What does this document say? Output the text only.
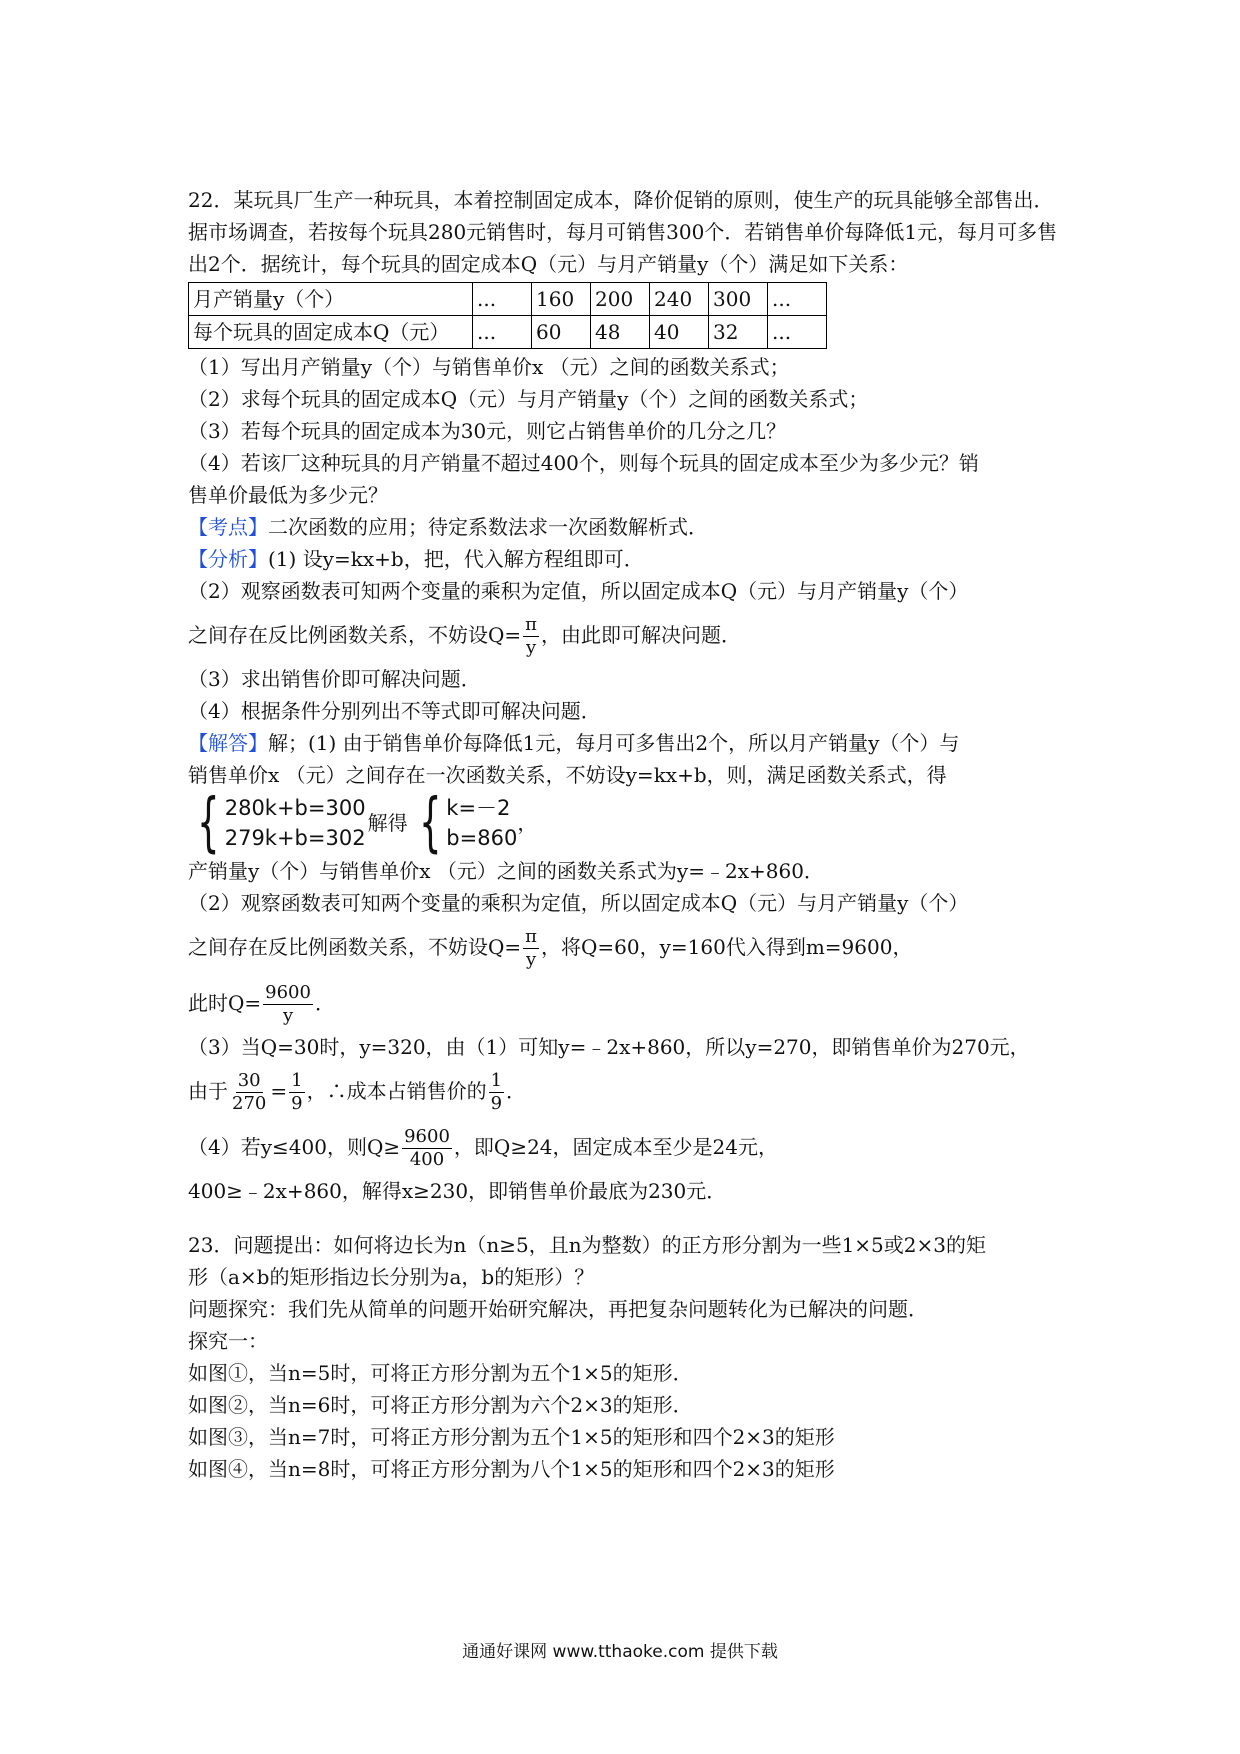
22．某玩具厂生产一种玩具，本着控制固定成本，降价促销的原则，使生产的玩具能够全部售出．据市场调查，若按每个玩具280元销售时，每月可销售300个．若销售单价每降低1元，每月可多售出2个．据统计，每个玩具的固定成本Q（元）与月产销量y（个）满足如下关系：

月产销量y（个）	...	160	200	240	300	...
每个玩具的固定成本Q（元）	...	60	48	40	32	...

（1）写出月产销量y（个）与销售单价x （元）之间的函数关系式；

（2）求每个玩具的固定成本Q（元）与月产销量y（个）之间的函数关系式；

（3）若每个玩具的固定成本为30元，则它占销售单价的几分之几？

（4）若该厂这种玩具的月产销量不超过400个，则每个玩具的固定成本至少为多少元？销售单价最低为多少元？

【考点】二次函数的应用；待定系数法求一次函数解析式．

【分析】(1) 设y=kx+b，把，代入解方程组即可．

（2）观察函数表可知两个变量的乘积为定值，所以固定成本Q（元）与月产销量y（个）

之间存在反比例函数关系，不妨设$Q= \frac{\pi}{y}$ ，由此即可解决问题．

（3）求出销售价即可解决问题．

（4）根据条件分别列出不等式即可解决问题．

【解答】解；(1) 由于销售单价每降低1元，每月可多售出2个，所以月产销量y（个）与

销售单价x （元）之间存在一次函数关系，不妨设y=kx+b，则，满足函数关系式，得

{ 280k+b=300
279k+b=302
解得 { k=－2
b=860
，

产销量y（个）与销售单价x （元）之间的函数关系式为y=﹣2x+860．

（2）观察函数表可知两个变量的乘积为定值，所以固定成本Q（元）与月产销量y（个）

之间存在反比例函数关系，不妨设$Q= \frac{\pi}{y}$ ，将Q=60，y=160代入得到m=9600，

此时$Q= \frac{9600}{y}$ ．

（3）当Q=30时，y=320，由（1）可知y=﹣2x+860，所以y=270，即销售单价为270元，

由于 $\frac{30}{270} = \frac{1}{9}$ ，∴成本占销售价的 $\frac{1}{9}$ ．

（4）若y≤400，则$Q\ge \frac{9600}{400}$ ，即Q≥24，固定成本至少是24元，

400≥﹣2x+860，解得x≥230，即销售单价最底为230元．

23．问题提出：如何将边长为n（n≥5，且n为整数）的正方形分割为一些1×5或2×3的矩

形（a×b的矩形指边长分别为a，b的矩形）？

问题探究：我们先从简单的问题开始研究解决，再把复杂问题转化为已解决的问题．

探究一：

如图①，当n=5时，可将正方形分割为五个1×5的矩形．

如图②，当n=6时，可将正方形分割为六个2×3的矩形．

如图③，当n=7时，可将正方形分割为五个1×5的矩形和四个2×3的矩形

如图④，当n=8时，可将正方形分割为八个1×5的矩形和四个2×3的矩形

通通好课网 www.tthaoke.com 提供下载
